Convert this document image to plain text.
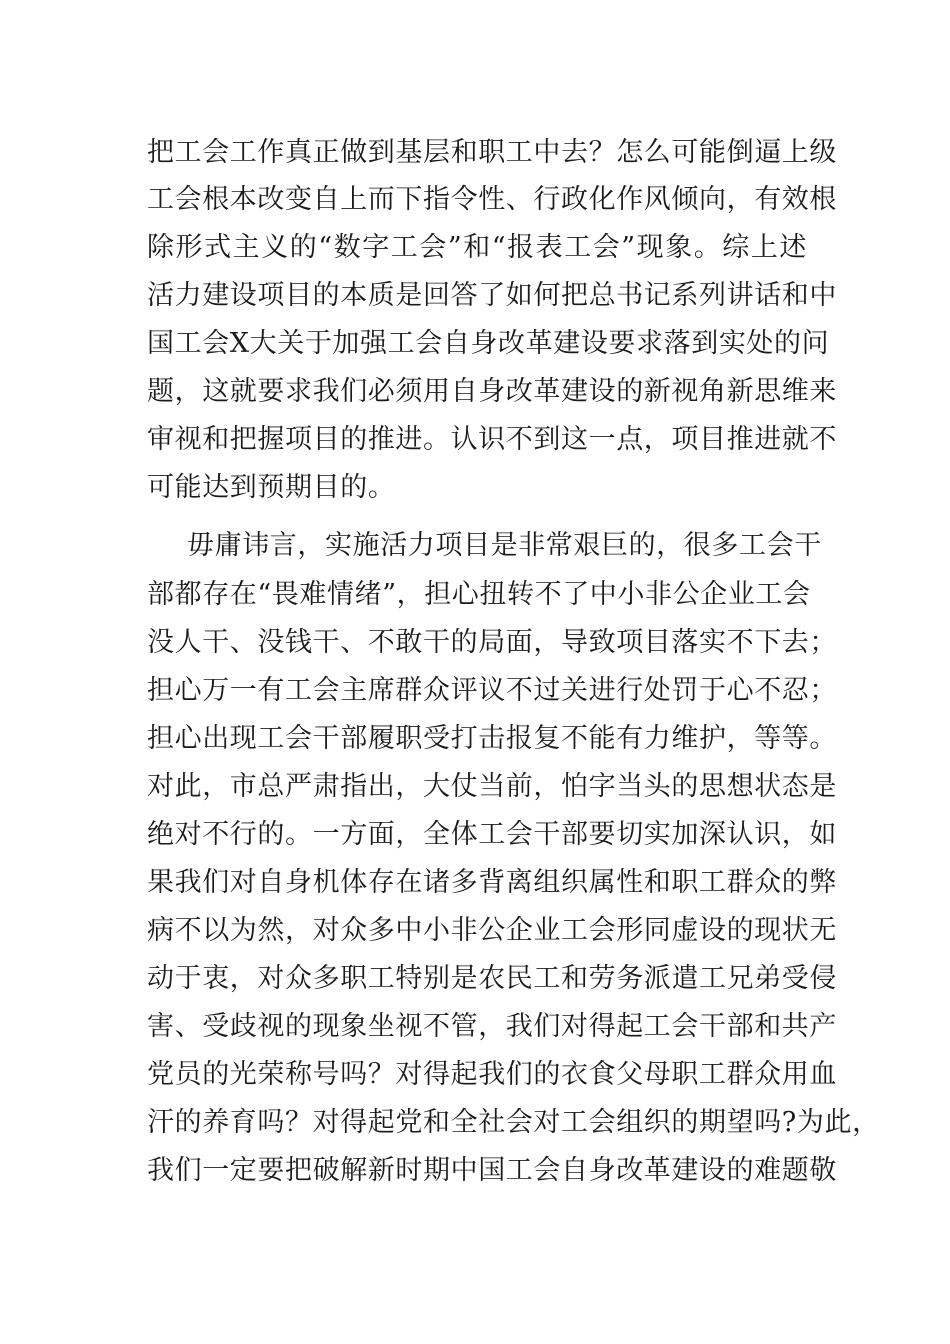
把工会工作真正做到基层和职工中去？怎么可能倒逼上级
工会根本改变自上而下指令性、行政化作风倾向，有效根
除形式主义的“数字工会”和“报表工会”现象。综上述
活力建设项目的本质是回答了如何把总书记系列讲话和中
国工会X大关于加强工会自身改革建设要求落到实处的问
题，这就要求我们必须用自身改革建设的新视角新思维来
审视和把握项目的推进。认识不到这一点，项目推进就不
可能达到预期目的。
毋庸讳言，实施活力项目是非常艰巨的，很多工会干
部都存在“畏难情绪”，担心扭转不了中小非公企业工会
没人干、没钱干、不敢干的局面，导致项目落实不下去；
担心万一有工会主席群众评议不过关进行处罚于心不忍；
担心出现工会干部履职受打击报复不能有力维护，等等。
对此，市总严肃指出，大仗当前，怕字当头的思想状态是
绝对不行的。一方面，全体工会干部要切实加深认识，如
果我们对自身机体存在诸多背离组织属性和职工群众的弊
病不以为然，对众多中小非公企业工会形同虚设的现状无
动于衷，对众多职工特别是农民工和劳务派遣工兄弟受侵
害、受歧视的现象坐视不管，我们对得起工会干部和共产
党员的光荣称号吗？对得起我们的衣食父母职工群众用血
汗的养育吗？对得起党和全社会对工会组织的期望吗?为此，
我们一定要把破解新时期中国工会自身改革建设的难题敬
